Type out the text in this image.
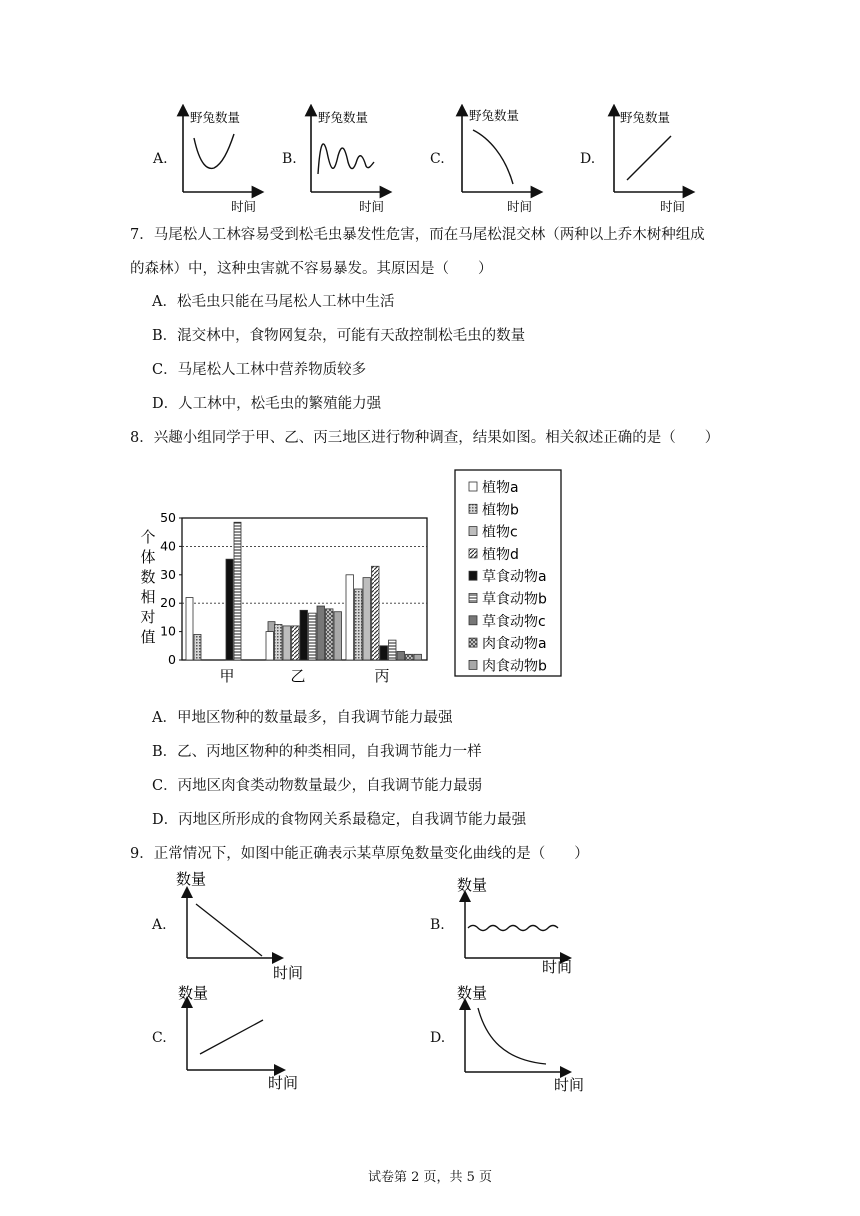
A.
野兔数量
时间
B.
野兔数量
时间
C.
野兔数量
时间
D.
野兔数量
时间
7．马尾松人工林容易受到松毛虫暴发性危害，而在马尾松混交林（两种以上乔木树种组成
的森林）中，这种虫害就不容易暴发。其原因是（　　）
A．松毛虫只能在马尾松人工林中生活
B．混交林中，食物网复杂，可能有天敌控制松毛虫的数量
C．马尾松人工林中营养物质较多
D．人工林中，松毛虫的繁殖能力强
8．兴趣小组同学于甲、乙、丙三地区进行物种调查，结果如图。相关叙述正确的是（　　）
个
体
数
相
对
值
0
10
20
30
40
50
甲	乙	丙
植物a
植物b
植物c
植物d
草食动物a
草食动物b
草食动物c
肉食动物a
肉食动物b
A．甲地区物种的数量最多，自我调节能力最强
B．乙、丙地区物种的种类相同，自我调节能力一样
C．丙地区肉食类动物数量最少，自我调节能力最弱
D．丙地区所形成的食物网关系最稳定，自我调节能力最强
9．正常情况下，如图中能正确表示某草原兔数量变化曲线的是（　　）
A.
数量
时间
B.
数量
时间
C.
数量
时间
D.
数量
时间
试卷第 2 页，共 5 页
